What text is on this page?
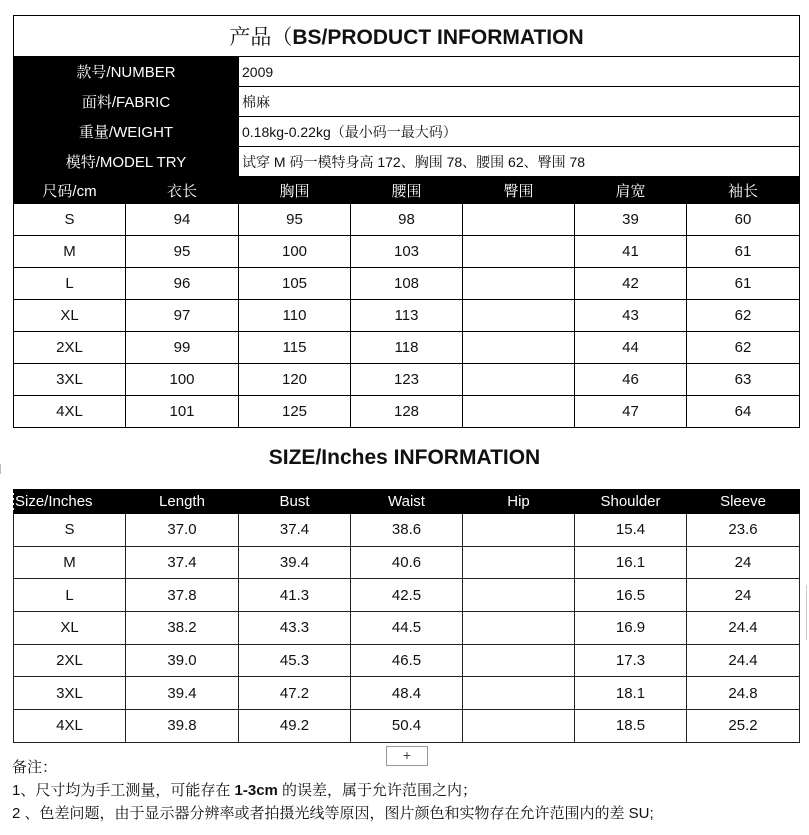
产品（BS/PRODUCT INFORMATION						
款号/NUMBER		2009				
面料/FABRIC		棉麻				
重量/WEIGHT		0.18kg-0.22kg（最小码一最大码）				
模特/MODEL TRY		试穿 M 码一模特身高 172、胸围 78、腰围 62、臀围 78				
尺码/cm	衣长	胸围	腰围	臀围	肩宽	袖长
S	94	95	98		39	60
M	95	100	103		41	61
L	96	105	108		42	61
XL	97	110	113		43	62
2XL	99	115	118		44	62
3XL	100	120	123		46	63
4XL	101	125	128		47	64
SIZE/Inches INFORMATION
Size/Inches	Length	Bust	Waist	Hip	Shoulder	Sleeve
S	37.0	37.4	38.6		15.4	23.6
M	37.4	39.4	40.6		16.1	24
L	37.8	41.3	42.5		16.5	24
XL	38.2	43.3	44.5		16.9	24.4
2XL	39.0	45.3	46.5		17.3	24.4
3XL	39.4	47.2	48.4		18.1	24.8
4XL	39.8	49.2	50.4		18.5	25.2
+
备注：
1、尺寸均为手工测量，可能存在 1-3cm 的误差，属于允许范围之内；
2 、色差问题，由于显示器分辨率或者拍摄光线等原因，图片颜色和实物存在允许范围内的差 SU;
